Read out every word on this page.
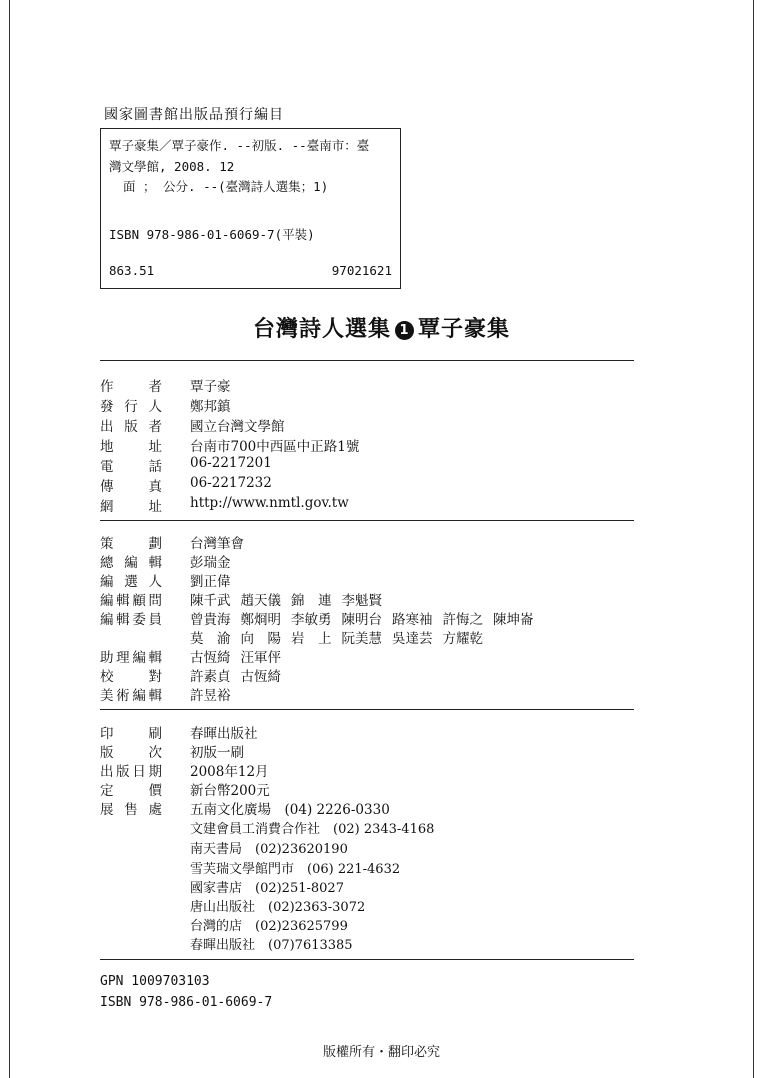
國家圖書館出版品預行編目
覃子豪集／覃子豪作. --初版. --臺南市：臺
灣文學館, 2008. 12
面 ； 公分. --(臺灣詩人選集；1)
ISBN 978-986-01-6069-7(平裝)
863.51	97021621
台灣詩人選集 1 覃子豪集
作者 覃子豪
發行人 鄭邦鎮
出版者 國立台灣文學館
地址 台南市700中西區中正路1號
電話 06-2217201
傳真 06-2217232
網址 http://www.nmtl.gov.tw
策劃 台灣筆會
總編輯 彭瑞金
編選人 劉正偉
編輯顧問 陳千武 趙天儀 錦　連 李魁賢
編輯委員 曾貴海 鄭烱明 李敏勇 陳明台 路寒袖 許悔之 陳坤崙
莫　渝 向　陽 岩　上 阮美慧 吳達芸 方耀乾
助理編輯 古恆綺 汪軍伻
校對 許素貞 古恆綺
美術編輯 許昱裕
印刷 春暉出版社
版次 初版一刷
出版日期 2008年12月
定價 新台幣200元
展售處 五南文化廣場　(04) 2226-0330
文建會員工消費合作社　(02) 2343-4168
南天書局　(02)23620190
雪芙瑞文學館門市　(06) 221-4632
國家書店　(02)251-8027
唐山出版社　(02)2363-3072
台灣的店　(02)23625799
春暉出版社　(07)7613385
GPN 1009703103
ISBN 978-986-01-6069-7
版權所有・翻印必究
